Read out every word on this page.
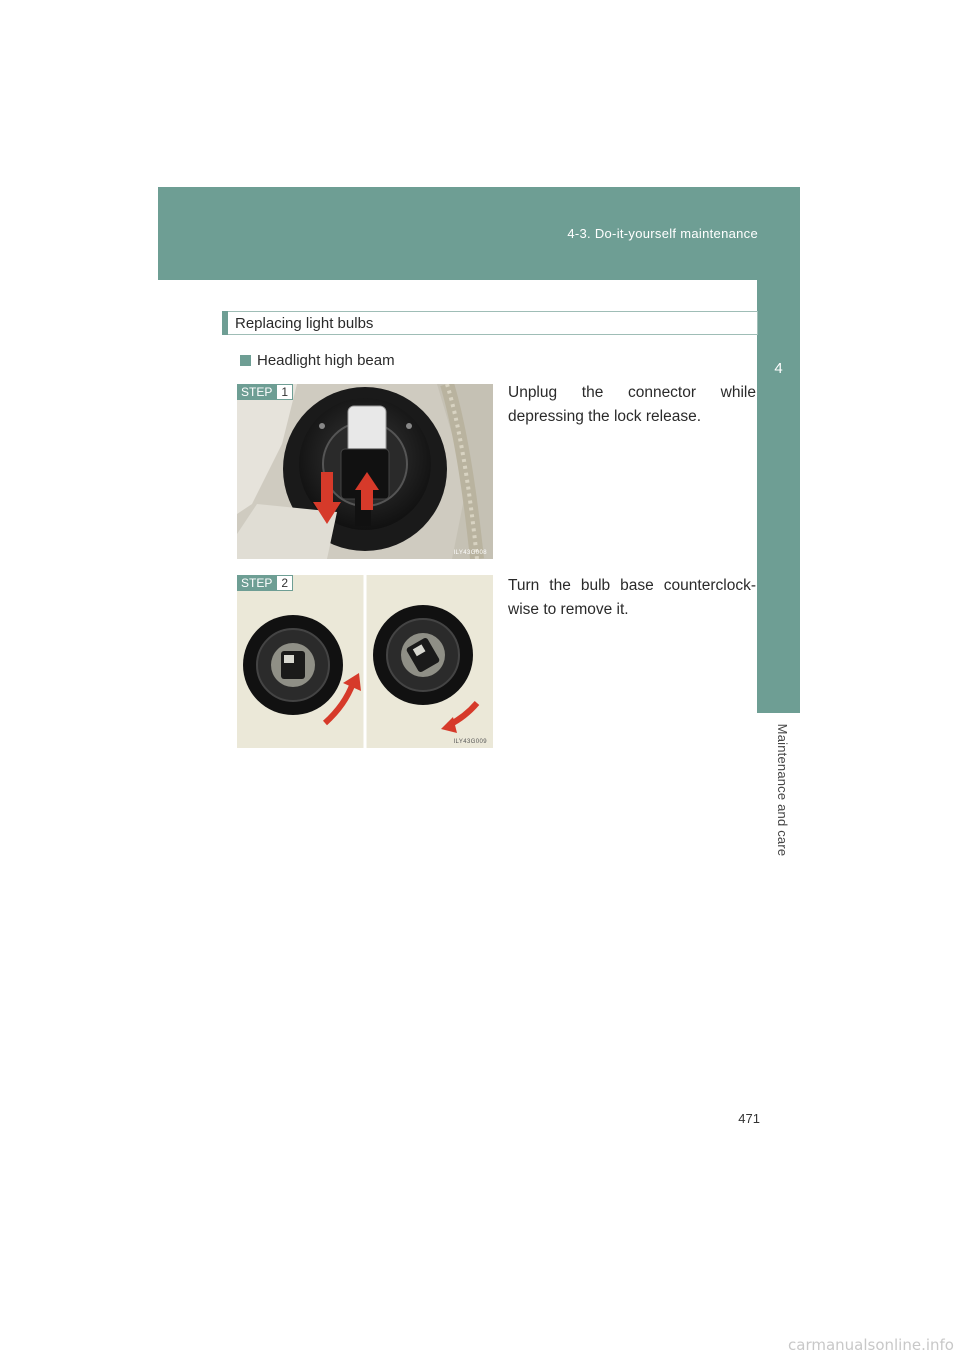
4-3. Do-it-yourself maintenance
4
Maintenance and care
Replacing light bulbs
Headlight high beam
STEP 1
ILY43G008
Unplug the connector while depressing the lock release.
STEP 2
ILY43G009
Turn the bulb base counterclock-wise to remove it.
471
carmanualsonline.info
